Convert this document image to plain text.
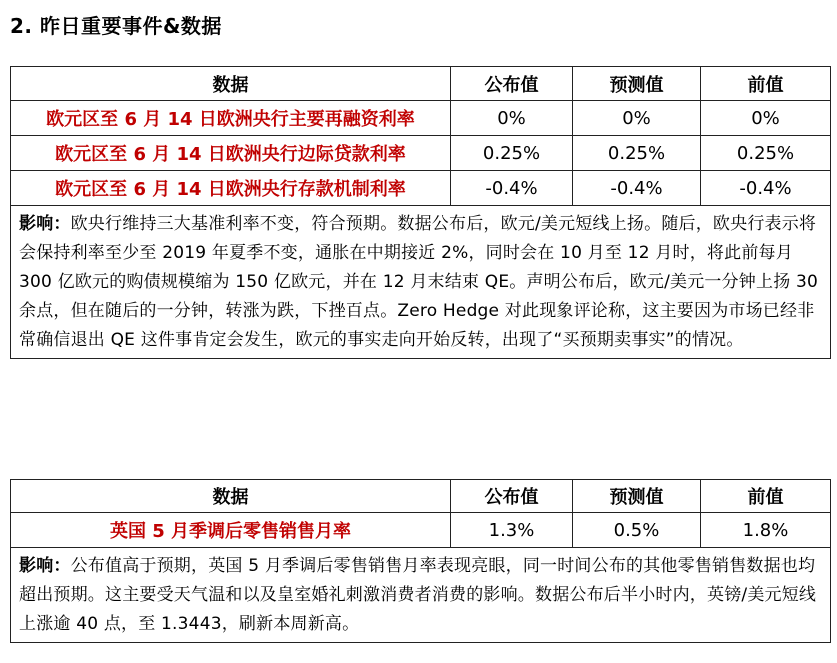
2. 昨日重要事件&数据
数据	公布值	预测值	前值
欧元区至 6 月 14 日欧洲央行主要再融资利率	0%	0%	0%
欧元区至 6 月 14 日欧洲央行边际贷款利率	0.25%	0.25%	0.25%
欧元区至 6 月 14 日欧洲央行存款机制利率	-0.4%	-0.4%	-0.4%
影响：欧央行维持三大基准利率不变，符合预期。数据公布后，欧元/美元短线上扬。随后，欧央行表示将会保持利率至少至 2019 年夏季不变，通胀在中期接近 2%，同时会在 10 月至 12 月时，将此前每月 300 亿欧元的购债规模缩为 150 亿欧元，并在 12 月末结束 QE。声明公布后，欧元/美元一分钟上扬 30 余点，但在随后的一分钟，转涨为跌，下挫百点。Zero Hedge 对此现象评论称，这主要因为市场已经非常确信退出 QE 这件事肯定会发生，欧元的事实走向开始反转，出现了“买预期卖事实”的情况。			
数据	公布值	预测值	前值
英国 5 月季调后零售销售月率	1.3%	0.5%	1.8%
影响：公布值高于预期，英国 5 月季调后零售销售月率表现亮眼，同一时间公布的其他零售销售数据也均超出预期。这主要受天气温和以及皇室婚礼刺激消费者消费的影响。数据公布后半小时内，英镑/美元短线上涨逾 40 点，至 1.3443，刷新本周新高。			
